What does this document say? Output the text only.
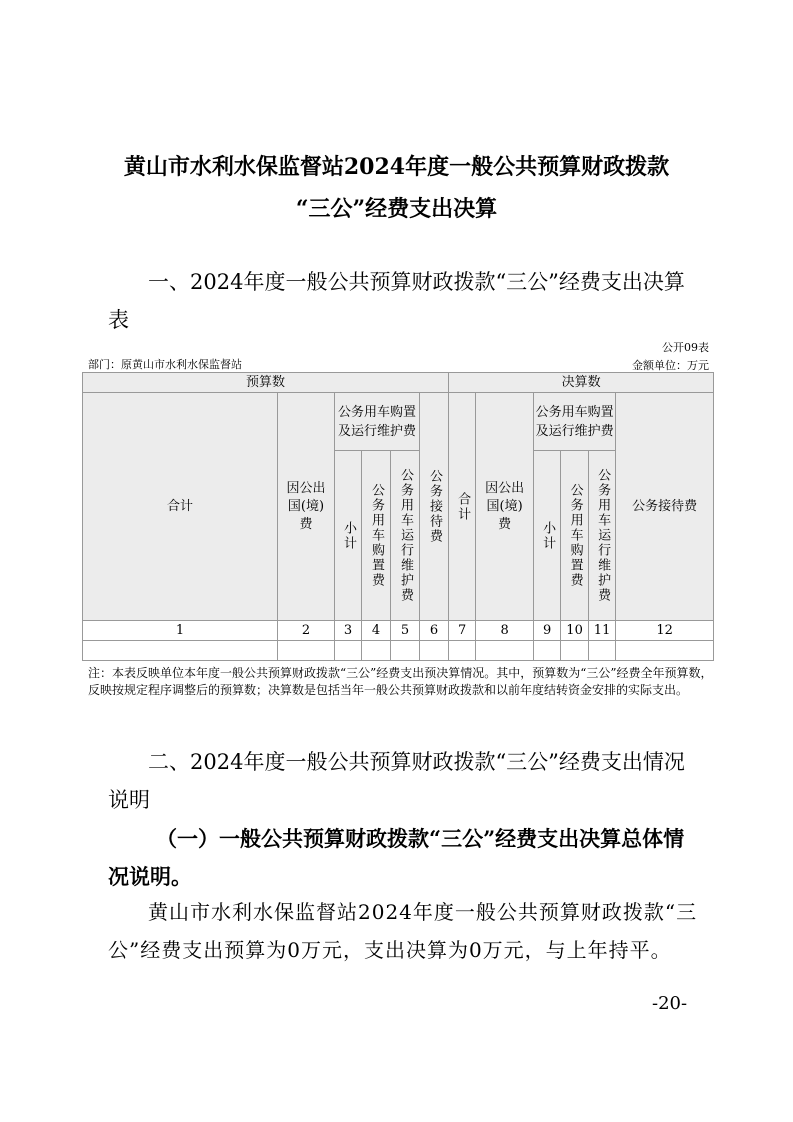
黄山市水利水保监督站2024年度一般公共预算财政拨款
“三公”经费支出决算
一、2024年度一般公共预算财政拨款“三公”经费支出决算表
公开09表
金额单位：万元
部门：原黄山市水利水保监督站
预算数						决算数					
合计	因公出国(境)费	公务用车购置及运行维护费			公务接待费	合计	因公出国(境)费	公务用车购置及运行维护费			公务接待费

		小计	公务用车购置费	公务用车运行维护费				小计	公务用车购置费	公务用车运行维护费	

1	2	3	4	5	6	7	8	9	10	11	12

注：本表反映单位本年度一般公共预算财政拨款“三公”经费支出预决算情况。其中，预算数为“三公”经费全年预算数，反映按规定程序调整后的预算数；决算数是包括当年一般公共预算财政拨款和以前年度结转资金安排的实际支出。
二、2024年度一般公共预算财政拨款“三公”经费支出情况说明
（一）一般公共预算财政拨款“三公”经费支出决算总体情况说明。
黄山市水利水保监督站2024年度一般公共预算财政拨款“三公”经费支出预算为0万元，支出决算为0万元，与上年持平。
-20-
